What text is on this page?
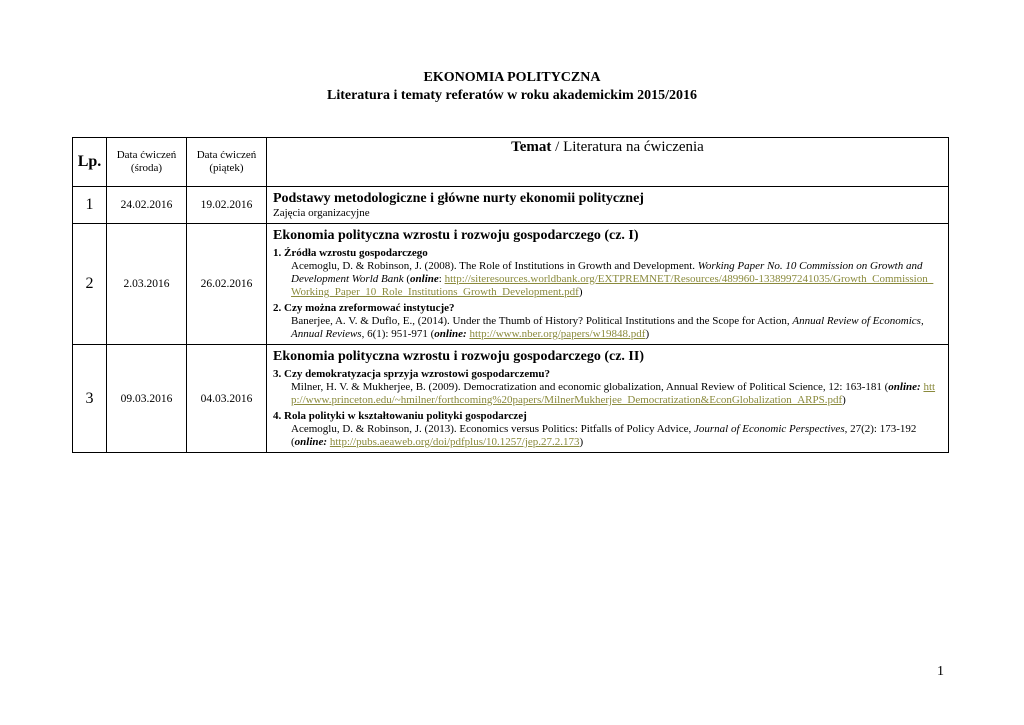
EKONOMIA POLITYCZNA
Literatura i tematy referatów w roku akademickim 2015/2016
Lp.	Data ćwiczeń (środa)	Data ćwiczeń (piątek)	Temat / Literatura na ćwiczenia
1	24.02.2016	19.02.2016	Podstawy metodologiczne i główne nurty ekonomii politycznej
Zajęcia organizacyjne

2	2.03.2016	26.02.2016	Ekonomia polityczna wzrostu i rozwoju gospodarczego (cz. I)
1. Źródła wzrostu gospodarczego
Acemoglu, D. & Robinson, J. (2008). The Role of Institutions in Growth and Development. Working Paper No. 10 Commission on Growth and Development World Bank (online: http://siteresources.worldbank.org/EXTPREMNET/Resources/489960-1338997241035/Growth_Commission_Working_Paper_10_Role_Institutions_Growth_Development.pdf)
2. Czy można zreformować instytucje?
Banerjee, A. V. & Duflo, E., (2014). Under the Thumb of History? Political Institutions and the Scope for Action, Annual Review of Economics, Annual Reviews, 6(1): 951-971 (online: http://www.nber.org/papers/w19848.pdf)

3	09.03.2016	04.03.2016	Ekonomia polityczna wzrostu i rozwoju gospodarczego (cz. II)
3. Czy demokratyzacja sprzyja wzrostowi gospodarczemu?
Milner, H. V. & Mukherjee, B. (2009). Democratization and economic globalization, Annual Review of Political Science, 12: 163-181 (online: http://www.princeton.edu/~hmilner/forthcoming%20papers/MilnerMukherjee_Democratization&EconGlobalization_ARPS.pdf)
4. Rola polityki w kształtowaniu polityki gospodarczej
Acemoglu, D. & Robinson, J. (2013). Economics versus Politics: Pitfalls of Policy Advice, Journal of Economic Perspectives, 27(2): 173-192 (online: http://pubs.aeaweb.org/doi/pdfplus/10.1257/jep.27.2.173)
1
